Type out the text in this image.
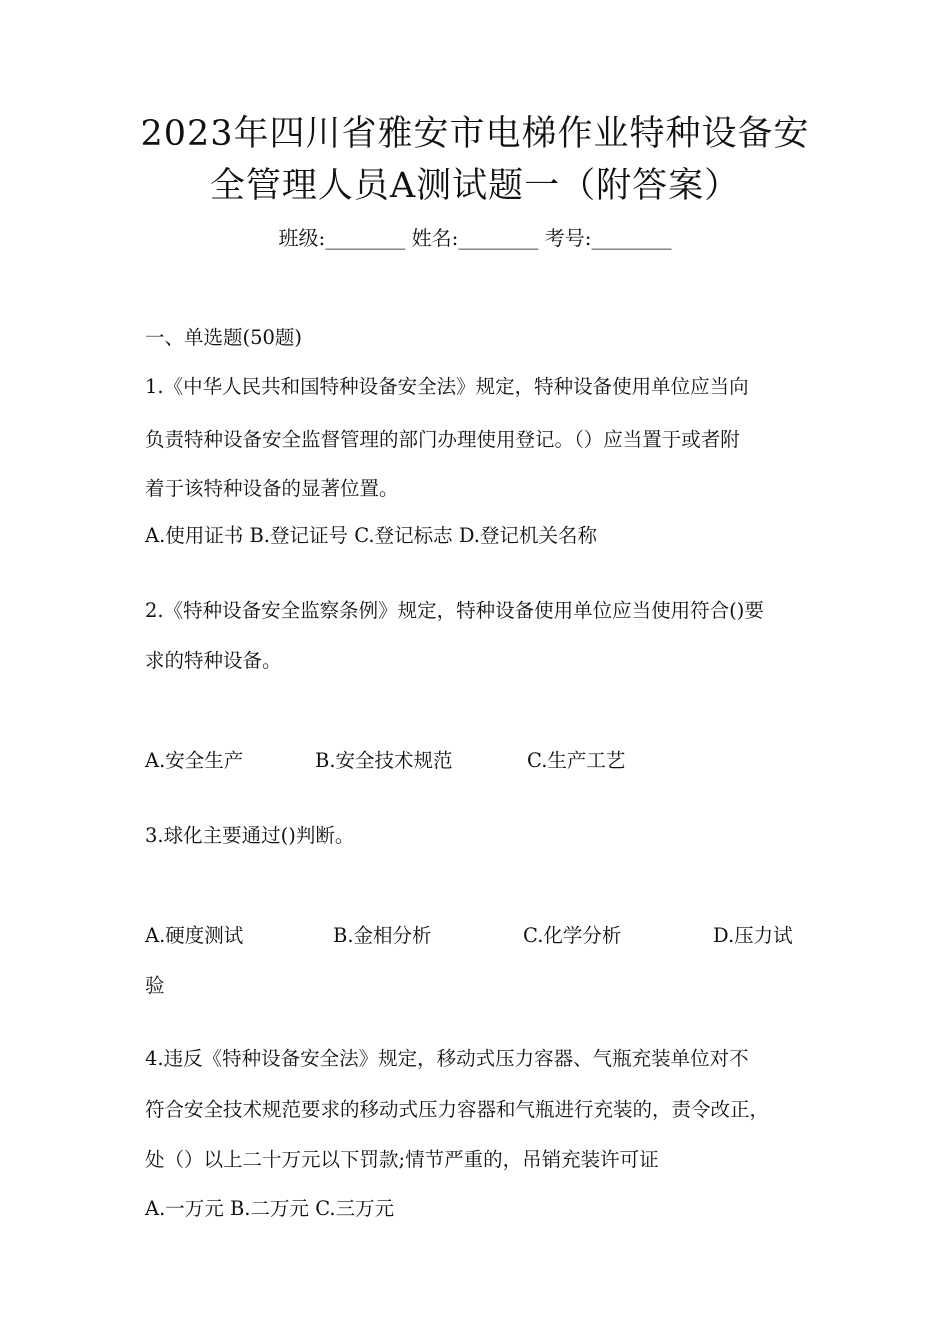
2023年四川省雅安市电梯作业特种设备安
全管理人员A测试题一（附答案）
班级:________ 姓名:________ 考号:________
一、单选题(50题)
1.《中华人民共和国特种设备安全法》规定，特种设备使用单位应当向
负责特种设备安全监督管理的部门办理使用登记。（）应当置于或者附
着于该特种设备的显著位置。
A.使用证书 B.登记证号 C.登记标志 D.登记机关名称
2.《特种设备安全监察条例》规定，特种设备使用单位应当使用符合()要
求的特种设备。
A.安全生产	B.安全技术规范	C.生产工艺
3.球化主要通过()判断。
A.硬度测试	B.金相分析	C.化学分析	D.压力试
验
4.违反《特种设备安全法》规定，移动式压力容器、气瓶充装单位对不
符合安全技术规范要求的移动式压力容器和气瓶进行充装的，责令改正，
处（）以上二十万元以下罚款;情节严重的，吊销充装许可证
A.一万元 B.二万元 C.三万元
